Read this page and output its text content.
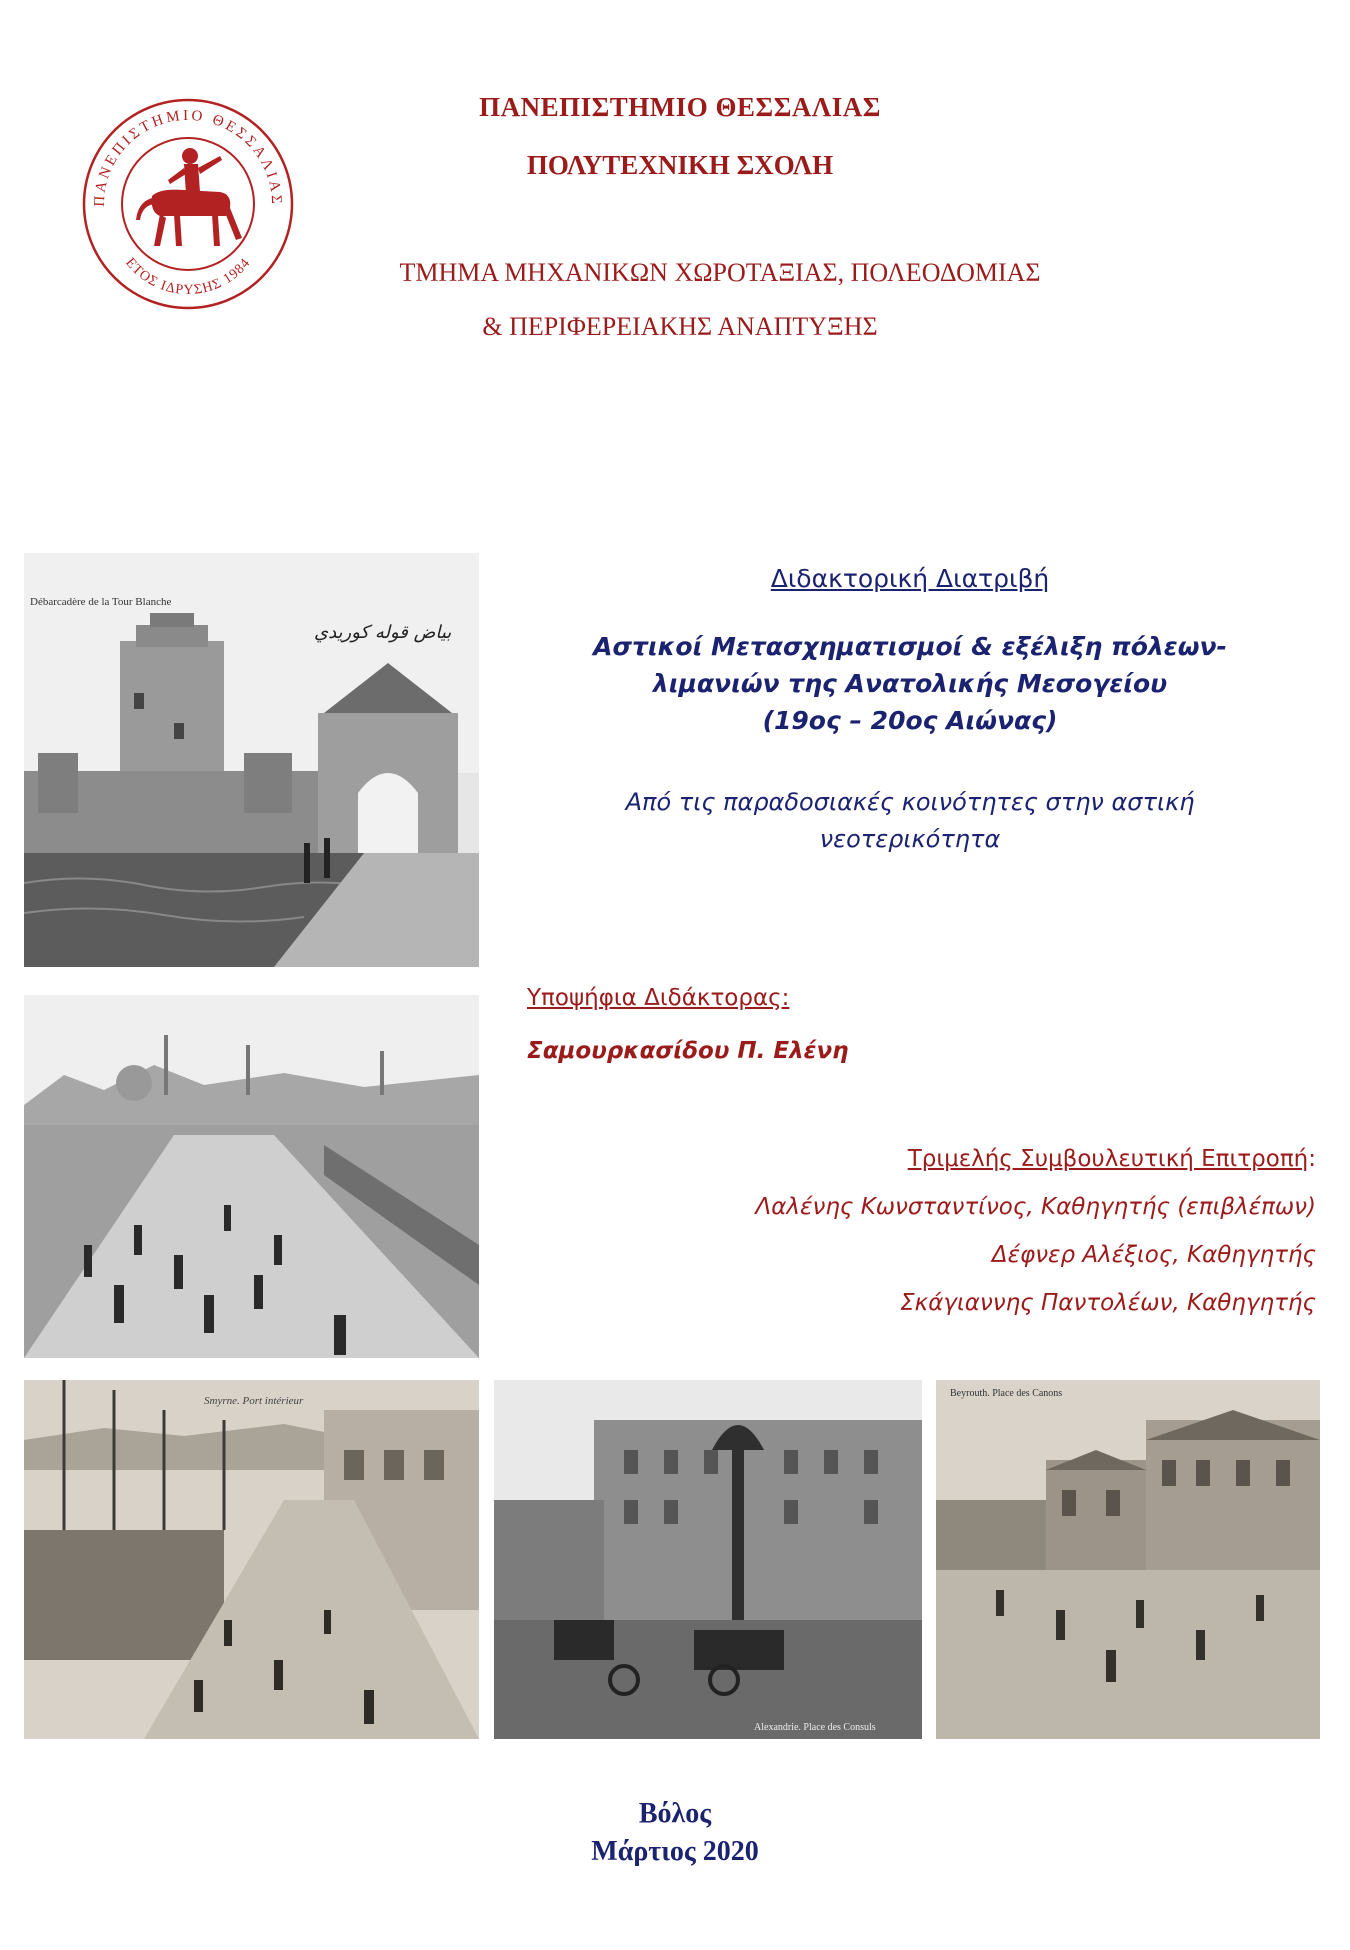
ΠΑΝΕΠΙΣΤΗΜΙΟ ΘΕΣΣΑΛΙΑΣ
ΕΤΟΣ ΙΔΡΥΣΗΣ 1984
ΠΑΝΕΠΙΣΤΗΜΙΟ ΘΕΣΣΑΛΙΑΣ
ΠΟΛΥΤΕΧΝΙΚΗ ΣΧΟΛΗ
ΤΜΗΜΑ ΜΗΧΑΝΙΚΩΝ ΧΩΡΟΤΑΞΙΑΣ, ΠΟΛΕΟΔΟΜΙΑΣ
& ΠΕΡΙΦΕΡΕΙΑΚΗΣ ΑΝΑΠΤΥΞΗΣ
Débarcadère de la Tour Blanche
بياض قوله كوريدي
Smyrne. Port intérieur
Alexandrie. Place des Consuls
Beyrouth. Place des Canons
Διδακτορική Διατριβή
Αστικοί Μετασχηματισμοί & εξέλιξη πόλεων-
λιμανιών της Ανατολικής Μεσογείου
(19ος – 20ος Αιώνας)
Από τις παραδοσιακές κοινότητες στην αστική
νεοτερικότητα
Υποψήφια Διδάκτορας:
Σαμουρκασίδου Π. Ελένη
Τριμελής Συμβουλευτική Επιτροπή:
Λαλένης Κωνσταντίνος, Καθηγητής (επιβλέπων)
Δέφνερ Αλέξιος, Καθηγητής
Σκάγιαννης Παντολέων, Καθηγητής
Βόλος
Μάρτιος 2020
